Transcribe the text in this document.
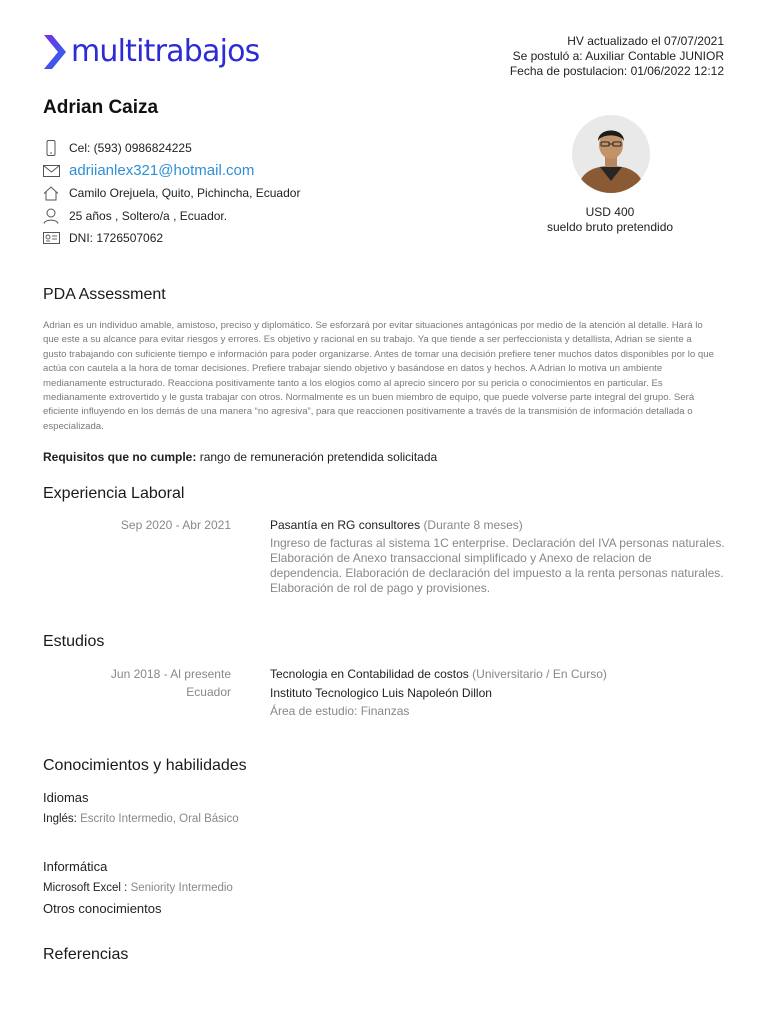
multitrabajos	HV actualizado el 07/07/2021
Se postuló a: Auxiliar Contable JUNIOR
Fecha de postulacion: 01/06/2022 12:12
Adrian Caiza
Cel: (593) 0986824225
adriianlex321@hotmail.com
Camilo Orejuela, Quito, Pichincha, Ecuador
25 años , Soltero/a , Ecuador.
DNI: 1726507062
USD 400
sueldo bruto pretendido
PDA Assessment
Adrian es un individuo amable, amistoso, preciso y diplomático. Se esforzará por evitar situaciones antagónicas por medio de la atención al detalle. Hará lo que este a su alcance para evitar riesgos y errores. Es objetivo y racional en su trabajo. Ya que tiende a ser perfeccionista y detallista, Adrian se siente a gusto trabajando con suficiente tiempo e información para poder organizarse. Antes de tomar una decisión prefiere tener muchos datos disponibles por lo que actúa con cautela a la hora de tomar decisiones. Prefiere trabajar siendo objetivo y basándose en datos y hechos. A Adrian lo motiva un ambiente medianamente estructurado. Reacciona positivamente tanto a los elogios como al aprecio sincero por su pericia o conocimientos en particular. Es medianamente extrovertido y le gusta trabajar con otros. Normalmente es un buen miembro de equipo, que puede volverse parte integral del grupo. Será eficiente influyendo en los demás de una manera “no agresiva”, para que reaccionen positivamente a través de la transmisión de información detallada o especializada.
Requisitos que no cumple: rango de remuneración pretendida solicitada
Experiencia Laboral
Sep 2020 - Abr 2021	Pasantía en RG consultores (Durante 8 meses)
Ingreso de facturas al sistema 1C enterprise. Declaración del IVA personas naturales. Elaboración de Anexo transaccional simplificado y Anexo de relacion de dependencia. Elaboración de declaración del impuesto a la renta personas naturales. Elaboración de rol de pago y provisiones.
Estudios
Jun 2018 - Al presente
Ecuador
Tecnologia en Contabilidad de costos (Universitario / En Curso)
Instituto Tecnologico Luis Napoleón Dillon
Área de estudio: Finanzas
Conocimientos y habilidades
Idiomas
Inglés: Escrito Intermedio, Oral Básico
Informática
Microsoft Excel : Seniority Intermedio
Otros conocimientos
Referencias
